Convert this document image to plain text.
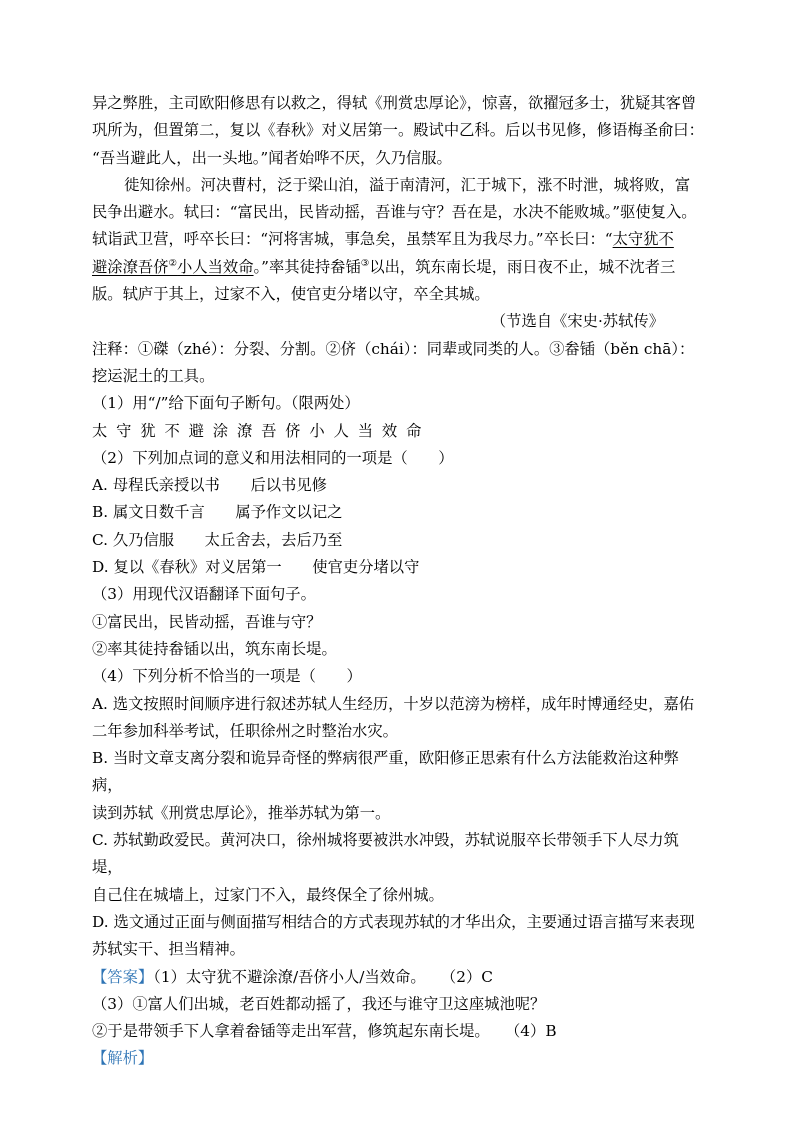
异之弊胜，主司欧阳修思有以救之，得轼《刑赏忠厚论》，惊喜，欲擢冠多士，犹疑其客曾
巩所为，但置第二，复以《春秋》对义居第一。殿试中乙科。后以书见修，修语梅圣俞曰：
“吾当避此人，出一头地。”闻者始哗不厌，久乃信服。
徙知徐州。河决曹村，泛于梁山泊，溢于南清河，汇于城下，涨不时泄，城将败，富
民争出避水。轼曰：“富民出，民皆动摇，吾谁与守？吾在是，水决不能败城。”驱使复入。
轼诣武卫营，呼卒长曰：“河将害城，事急矣，虽禁军且为我尽力。”卒长曰：“太守犹不
避涂潦吾侪②小人当效命。”率其徒持畚锸③以出，筑东南长堤，雨日夜不止，城不沈者三
版。轼庐于其上，过家不入，使官吏分堵以守，卒全其城。
（节选自《宋史·苏轼传》
注释：①磔（zhé）：分裂、分割。②侪（chái）：同辈或同类的人。③畚锸（běn chā）：
挖运泥土的工具。
（1）用“/”给下面句子断句。（限两处）
太 守 犹 不 避 涂 潦 吾 侪 小 人 当 效 命
（2）下列加点词的意义和用法相同的一项是（　　）
A. 母程氏亲授以书　　后以书见修
B. 属文日数千言　　属予作文以记之
C. 久乃信服　　太丘舍去，去后乃至
D. 复以《春秋》对义居第一　　使官吏分堵以守
（3）用现代汉语翻译下面句子。
①富民出，民皆动摇，吾谁与守？
②率其徒持畚锸以出，筑东南长堤。
（4）下列分析不恰当的一项是（　　）
A. 选文按照时间顺序进行叙述苏轼人生经历，十岁以范滂为榜样，成年时博通经史，嘉佑
二年参加科举考试，任职徐州之时整治水灾。
B. 当时文章支离分裂和诡异奇怪的弊病很严重，欧阳修正思索有什么方法能救治这种弊病，
读到苏轼《刑赏忠厚论》，推举苏轼为第一。
C. 苏轼勤政爱民。黄河决口，徐州城将要被洪水冲毁，苏轼说服卒长带领手下人尽力筑堤，
自己住在城墙上，过家门不入，最终保全了徐州城。
D. 选文通过正面与侧面描写相结合的方式表现苏轼的才华出众，主要通过语言描写来表现
苏轼实干、担当精神。
【答案】（1）太守犹不避涂潦/吾侪小人/当效命。　　（2）C
（3）①富人们出城，老百姓都动摇了，我还与谁守卫这座城池呢？
②于是带领手下人拿着畚锸等走出军营，修筑起东南长堤。　　（4）B
【解析】
